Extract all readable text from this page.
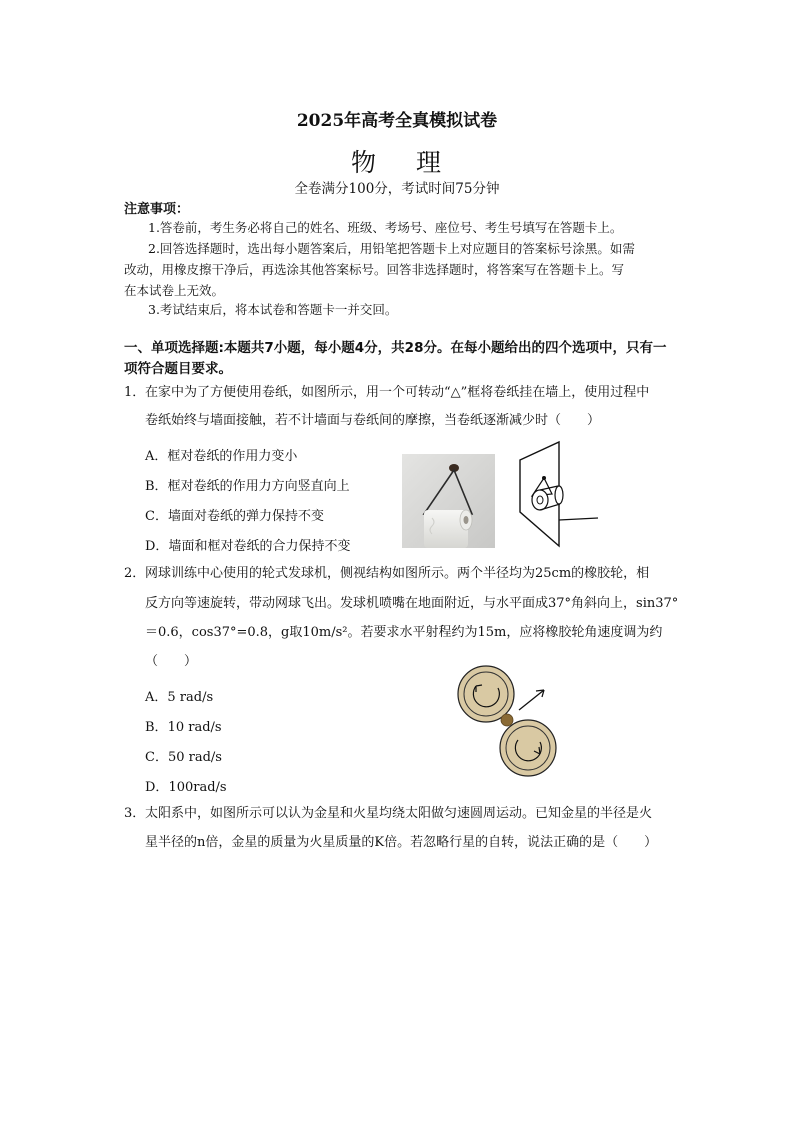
2025年高考全真模拟试卷
物 理
全卷满分100分，考试时间75分钟
注意事项：
1.答卷前，考生务必将自己的姓名、班级、考场号、座位号、考生号填写在答题卡上。
2.回答选择题时，选出每小题答案后，用铅笔把答题卡上对应题目的答案标号涂黑。如需
改动，用橡皮擦干净后，再选涂其他答案标号。回答非选择题时，将答案写在答题卡上。写
在本试卷上无效。
3.考试结束后，将本试卷和答题卡一并交回。
一、单项选择题:本题共7小题，每小题4分，共28分。在每小题给出的四个选项中，只有一
项符合题目要求。
1． 在家中为了方便使用卷纸，如图所示，用一个可转动“△”框将卷纸挂在墙上，使用过程中
卷纸始终与墙面接触，若不计墙面与卷纸间的摩擦，当卷纸逐渐减少时（　　）
A．框对卷纸的作用力变小
B．框对卷纸的作用力方向竖直向上
C．墙面对卷纸的弹力保持不变
D．墙面和框对卷纸的合力保持不变
2． 网球训练中心使用的轮式发球机，侧视结构如图所示。两个半径均为25cm的橡胶轮，相
反方向等速旋转，带动网球飞出。发球机喷嘴在地面附近，与水平面成37°角斜向上，sin37°
＝0.6，cos37°=0.8，g取10m/s²。若要求水平射程约为15m，应将橡胶轮角速度调为约
（　　）
A．5 rad/s
B．10 rad/s
C．50 rad/s
D．100rad/s
3． 太阳系中，如图所示可以认为金星和火星均绕太阳做匀速圆周运动。已知金星的半径是火
星半径的n倍，金星的质量为火星质量的K倍。若忽略行星的自转，说法正确的是（　　）
